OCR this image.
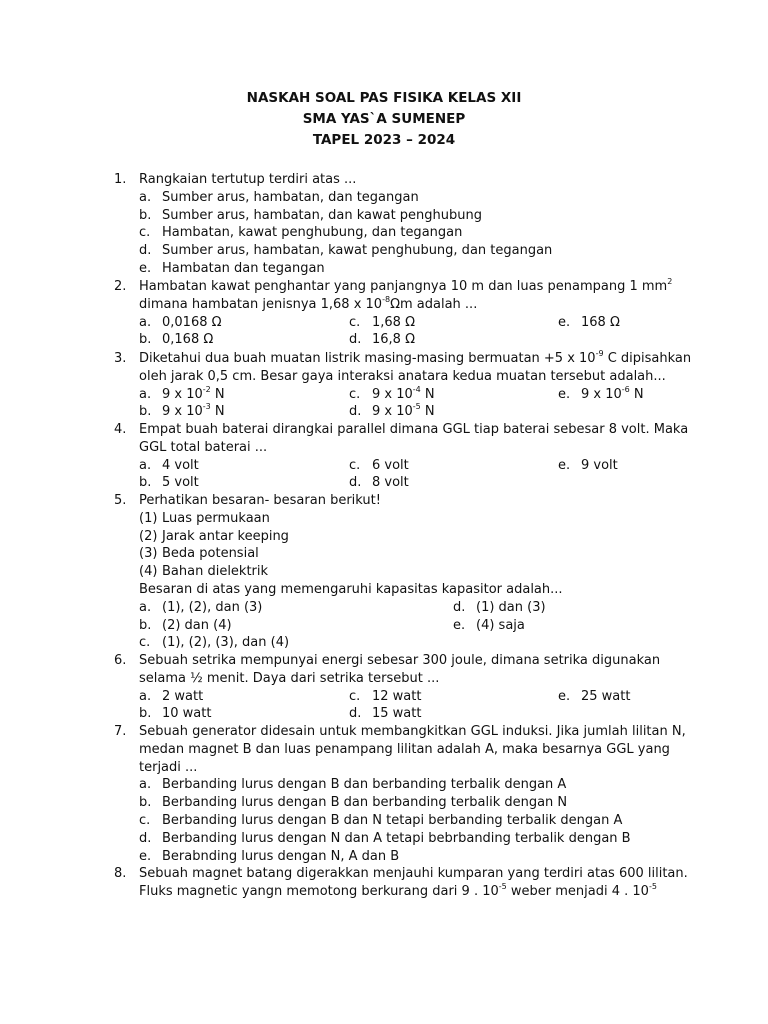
NASKAH SOAL PAS FISIKA KELAS XII
SMA YAS`A SUMENEP
TAPEL 2023 – 2024
1. Rangkaian tertutup terdiri atas ...
a. Sumber arus, hambatan, dan tegangan
b. Sumber arus, hambatan, dan kawat penghubung
c. Hambatan, kawat penghubung, dan tegangan
d. Sumber arus, hambatan, kawat penghubung, dan tegangan
e. Hambatan dan tegangan
2. Hambatan kawat penghantar yang panjangnya 10 m dan luas penampang 1 $mm^2$
dimana hambatan jenisnya 1,68 x $10^{-8}\Omega m$ adalah ...
a. 0,0168 Ω	c. 1,68 Ω	e. 168 Ω
b. 0,168 Ω	d. 16,8 Ω
3. Diketahui dua buah muatan listrik masing-masing bermuatan +5 x $10^{-9}$ C dipisahkan
oleh jarak 0,5 cm. Besar gaya interaksi anatara kedua muatan tersebut adalah...
a. 9 x $10^{-2}$ N	c. 9 x $10^{-4}$ N	e. 9 x $10^{-6}$ N
b. 9 x $10^{-3}$ N	d. 9 x $10^{-5}$ N
4. Empat buah baterai dirangkai parallel dimana GGL tiap baterai sebesar 8 volt. Maka
GGL total baterai ...
a. 4 volt	c. 6 volt	e. 9 volt
b. 5 volt	d. 8 volt
5. Perhatikan besaran- besaran berikut!
(1) Luas permukaan
(2) Jarak antar keeping
(3) Beda potensial
(4) Bahan dielektrik
Besaran di atas yang memengaruhi kapasitas kapasitor adalah...
a. (1), (2), dan (3)	d. (1) dan (3)
b. (2) dan (4)	e. (4) saja
c. (1), (2), (3), dan (4)
6. Sebuah setrika mempunyai energi sebesar 300 joule, dimana setrika digunakan
selama ½ menit. Daya dari setrika tersebut ...
a. 2 watt	c. 12 watt	e. 25 watt
b. 10 watt	d. 15 watt
7. Sebuah generator didesain untuk membangkitkan GGL induksi. Jika jumlah lilitan N,
medan magnet B dan luas penampang lilitan adalah A, maka besarnya GGL yang
terjadi ...
a. Berbanding lurus dengan B dan berbanding terbalik dengan A
b. Berbanding lurus dengan B dan berbanding terbalik dengan N
c. Berbanding lurus dengan B dan N tetapi berbanding terbalik dengan A
d. Berbanding lurus dengan N dan A tetapi bebrbanding terbalik dengan B
e. Berabnding lurus dengan N, A dan B
8. Sebuah magnet batang digerakkan menjauhi kumparan yang terdiri atas 600 lilitan.
Fluks magnetic yangn memotong berkurang dari 9 . $10^{-5}$ weber menjadi 4 . $10^{-5}$
